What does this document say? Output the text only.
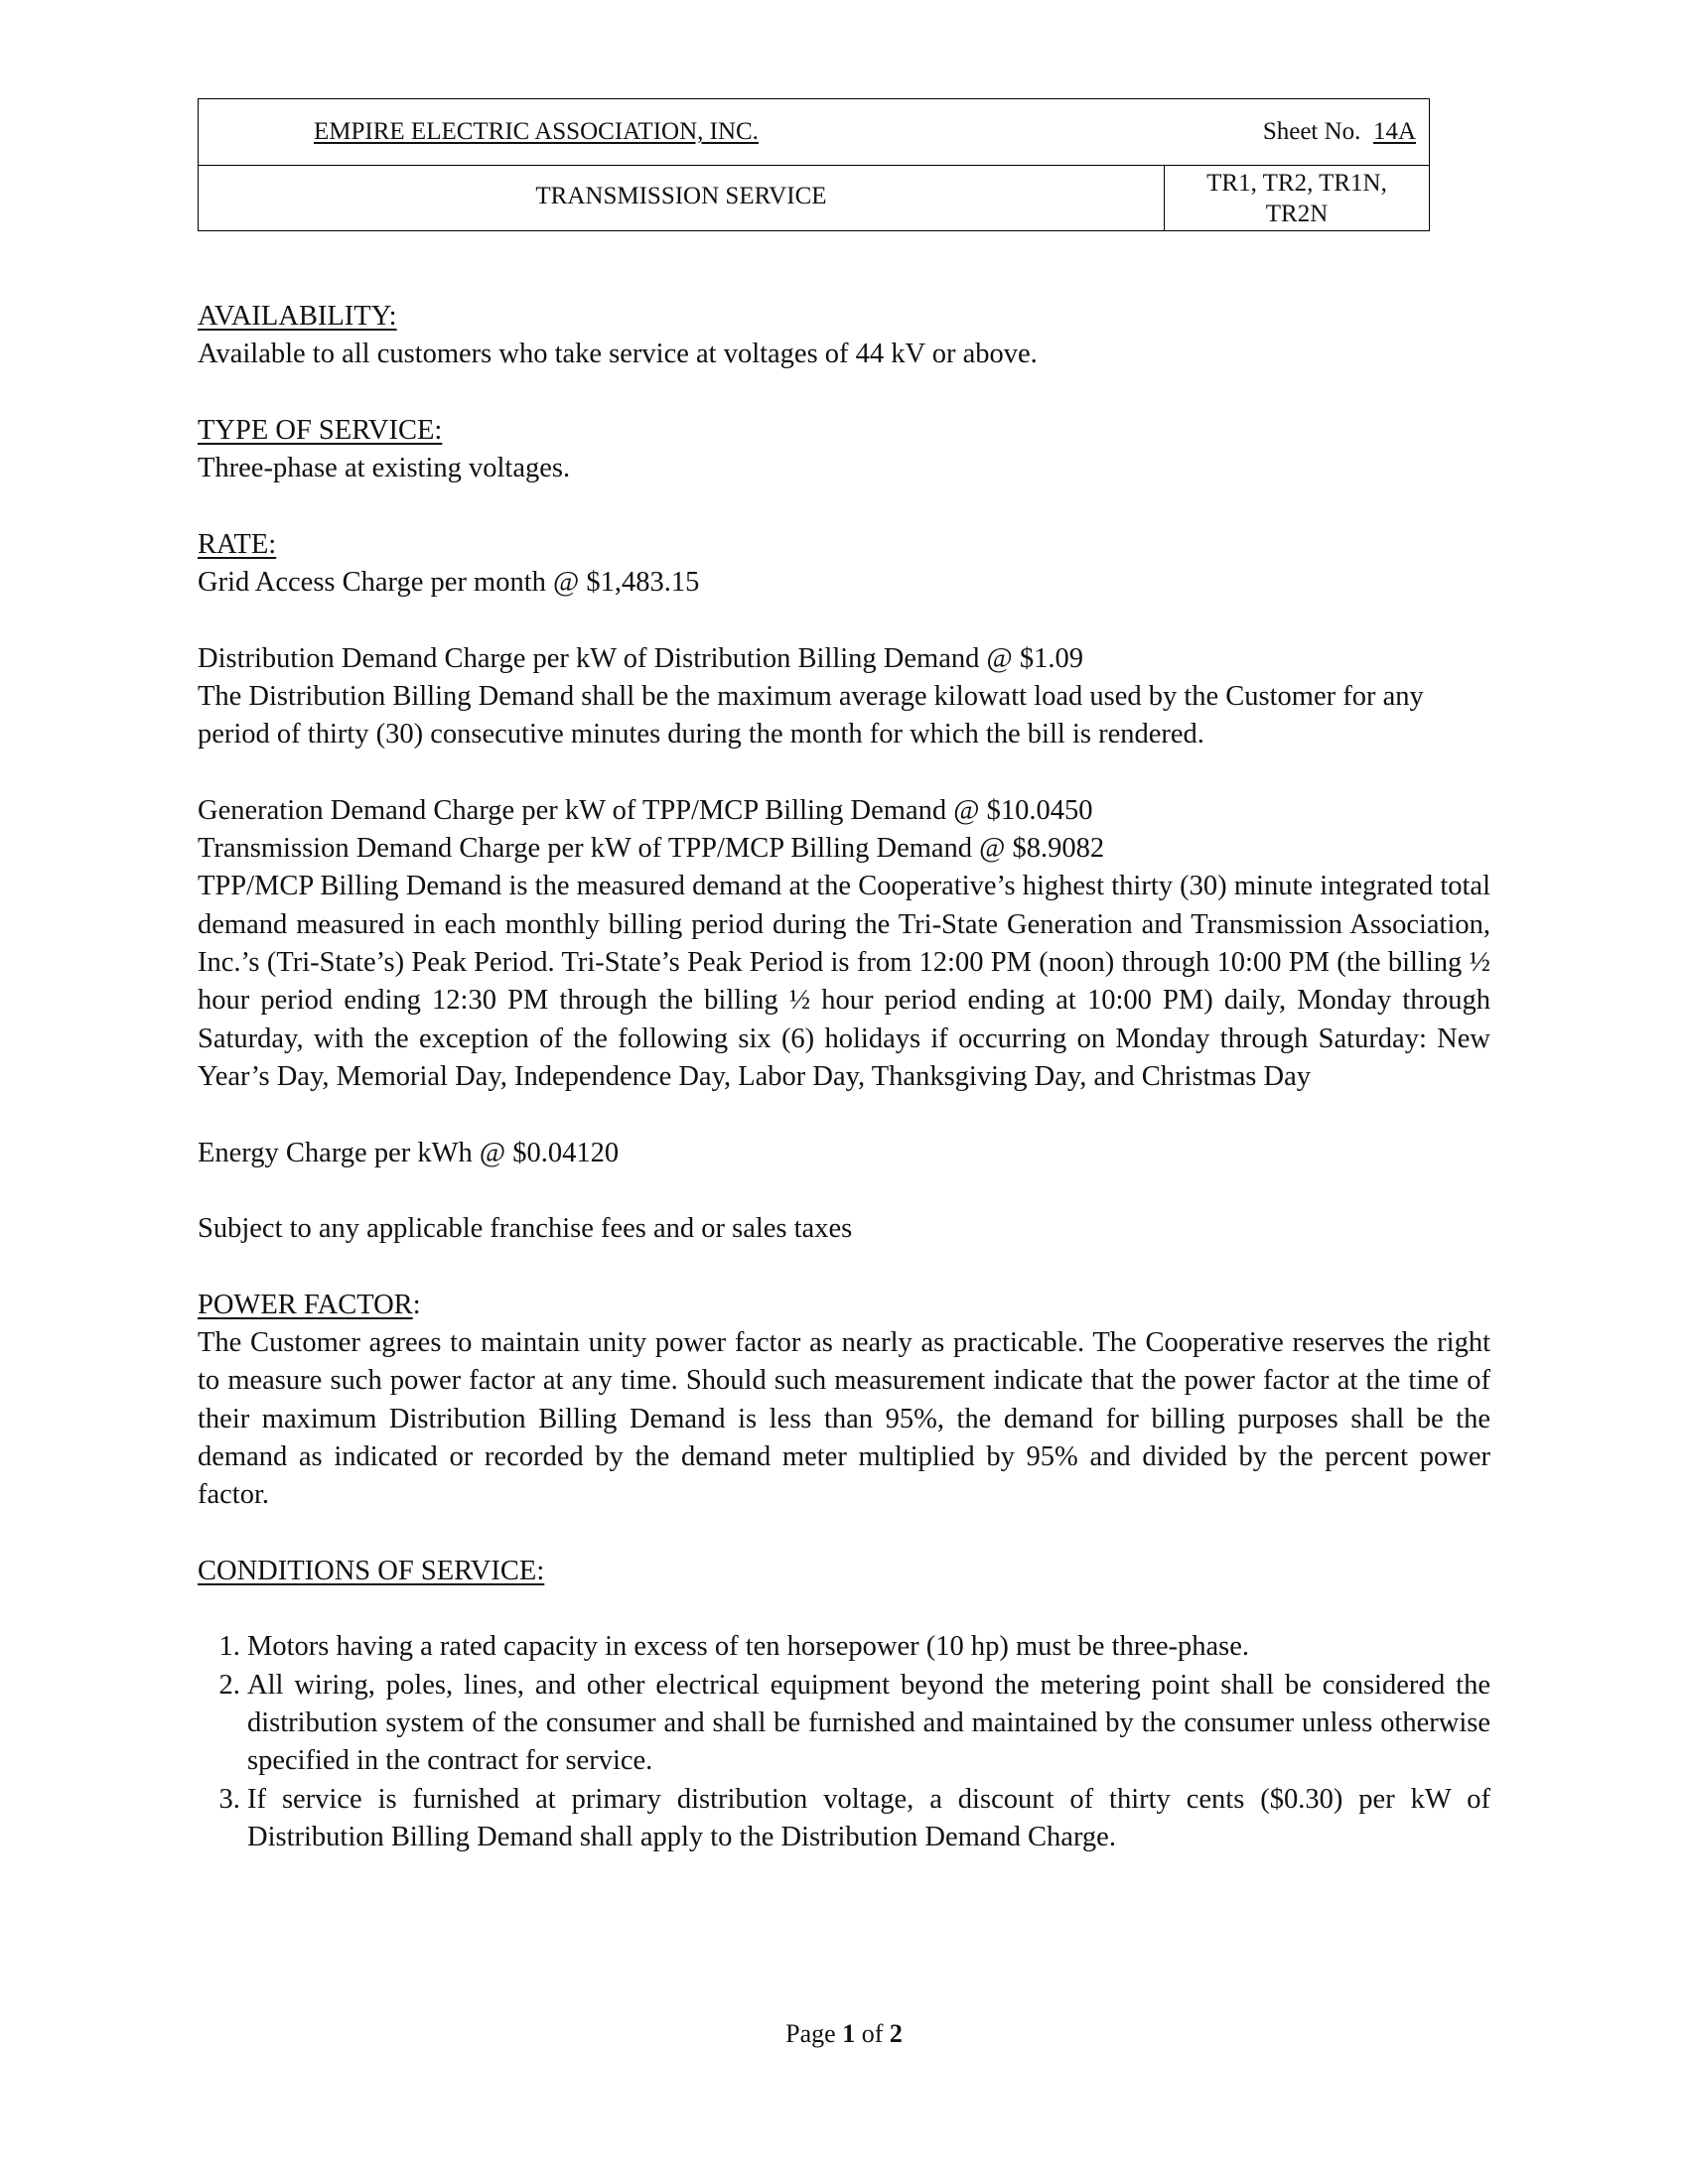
EMPIRE ELECTRIC ASSOCIATION, INC.	Sheet No. 14A
TRANSMISSION SERVICE	TR1, TR2, TR1N,
TR2N

AVAILABILITY:

Available to all customers who take service at voltages of 44 kV or above.

TYPE OF SERVICE:

Three-phase at existing voltages.

RATE:

Grid Access Charge per month @ $1,483.15

Distribution Demand Charge per kW of Distribution Billing Demand @ $1.09

The Distribution Billing Demand shall be the maximum average kilowatt load used by the Customer for any period of thirty (30) consecutive minutes during the month for which the bill is rendered.

Generation Demand Charge per kW of TPP/MCP Billing Demand @ $10.0450

Transmission Demand Charge per kW of TPP/MCP Billing Demand @ $8.9082

TPP/MCP Billing Demand is the measured demand at the Cooperative’s highest thirty (30) minute integrated total demand measured in each monthly billing period during the Tri-State Generation and Transmission Association, Inc.’s (Tri-State’s) Peak Period. Tri-State’s Peak Period is from 12:00 PM (noon) through 10:00 PM (the billing ½ hour period ending 12:30 PM through the billing ½ hour period ending at 10:00 PM) daily, Monday through Saturday, with the exception of the following six (6) holidays if occurring on Monday through Saturday: New Year’s Day, Memorial Day, Independence Day, Labor Day, Thanksgiving Day, and Christmas Day

Energy Charge per kWh @ $0.04120

Subject to any applicable franchise fees and or sales taxes

POWER FACTOR:

The Customer agrees to maintain unity power factor as nearly as practicable. The Cooperative reserves the right to measure such power factor at any time. Should such measurement indicate that the power factor at the time of their maximum Distribution Billing Demand is less than 95%, the demand for billing purposes shall be the demand as indicated or recorded by the demand meter multiplied by 95% and divided by the percent power factor.

CONDITIONS OF SERVICE:

1. Motors having a rated capacity in excess of ten horsepower (10 hp) must be three-phase.
2. All wiring, poles, lines, and other electrical equipment beyond the metering point shall be considered the distribution system of the consumer and shall be furnished and maintained by the consumer unless otherwise specified in the contract for service.
3. If service is furnished at primary distribution voltage, a discount of thirty cents ($0.30) per kW of Distribution Billing Demand shall apply to the Distribution Demand Charge.
Page 1 of 2
